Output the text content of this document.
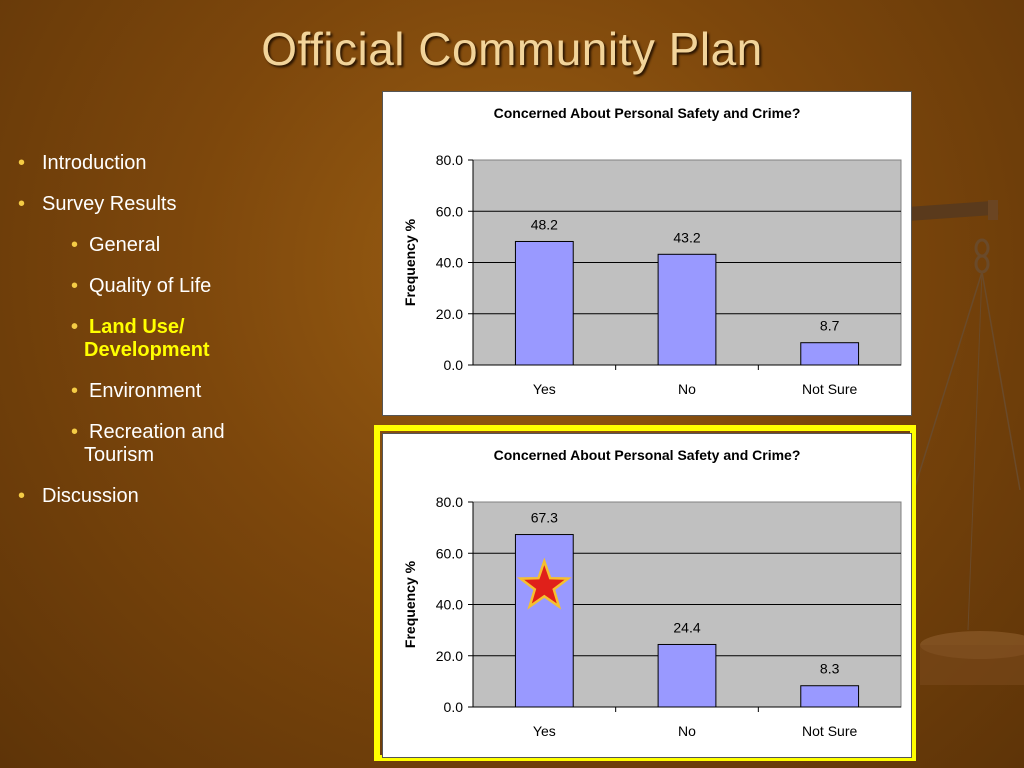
Official Community Plan
• Introduction
• Survey Results
• General
• Quality of Life
• Land Use/
Development
• Environment
• Recreation and
Tourism
• Discussion
Concerned About Personal Safety and Crime?
0.0
20.0
40.0
60.0
80.0
48.2
Yes
43.2
No
8.7
Not Sure
Frequency %
Concerned About Personal Safety and Crime?
0.0
20.0
40.0
60.0
80.0
67.3
Yes
24.4
No
8.3
Not Sure
Frequency %
